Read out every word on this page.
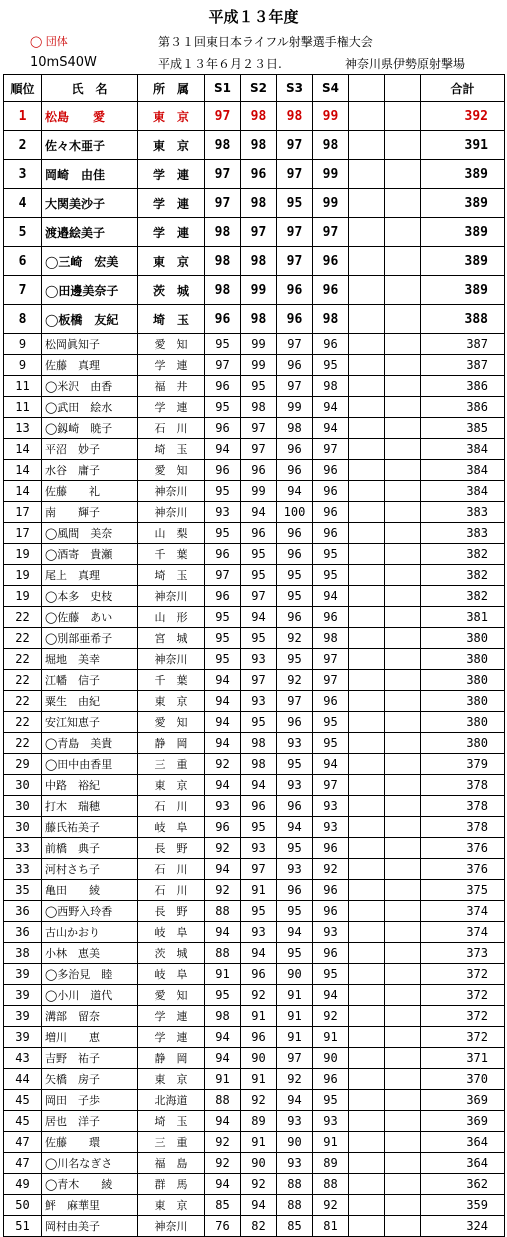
平成１３年度
◯ 団体	第３１回東日本ライフル射撃選手権大会
10mS40W	平成１３年６月２３日.	神奈川県伊勢原射撃場
順位	氏　名	所　属	S1	S2	S3	S4			合計
1	松島　　愛	東　京	97	98	98	99			392
2	佐々木亜子	東　京	98	98	97	98			391
3	岡崎　由佳	学　連	97	96	97	99			389
4	大関美沙子	学　連	97	98	95	99			389
5	渡邉絵美子	学　連	98	97	97	97			389
6	◯三崎　宏美	東　京	98	98	97	96			389
7	◯田邊美奈子	茨　城	98	99	96	96			389
8	◯板橋　友紀	埼　玉	96	98	96	98			388
9	松岡眞知子	愛　知	95	99	97	96			387
9	佐藤　真理	学　連	97	99	96	95			387
11	◯米沢　由香	福　井	96	95	97	98			386
11	◯武田　絵水	学　連	95	98	99	94			386
13	◯釼崎　暁子	石　川	96	97	98	94			385
14	平沼　妙子	埼　玉	94	97	96	97			384
14	水谷　庸子	愛　知	96	96	96	96			384
14	佐藤　　礼	神奈川	95	99	94	96			384
17	南　　輝子	神奈川	93	94	100	96			383
17	◯風間　美奈	山　梨	95	96	96	96			383
19	◯酒寄　貴瀬	千　葉	96	95	96	95			382
19	尾上　真理	埼　玉	97	95	95	95			382
19	◯本多　史枝	神奈川	96	97	95	94			382
22	◯佐藤　あい	山　形	95	94	96	96			381
22	◯別部亜希子	宮　城	95	95	92	98			380
22	堀地　美幸	神奈川	95	93	95	97			380
22	江幡　信子	千　葉	94	97	92	97			380
22	粟生　由紀	東　京	94	93	97	96			380
22	安江知恵子	愛　知	94	95	96	95			380
22	◯青島　美貴	静　岡	94	98	93	95			380
29	◯田中由香里	三　重	92	98	95	94			379
30	中路　裕紀	東　京	94	94	93	97			378
30	打木　瑞穂	石　川	93	96	96	93			378
30	藤氏祐美子	岐　阜	96	95	94	93			378
33	前橋　典子	長　野	92	93	95	96			376
33	河村さち子	石　川	94	97	93	92			376
35	亀田　　綾	石　川	92	91	96	96			375
36	◯西野入玲香	長　野	88	95	95	96			374
36	古山かおり	岐　阜	94	93	94	93			374
38	小林　恵美	茨　城	88	94	95	96			373
39	◯多治見　睦	岐　阜	91	96	90	95			372
39	◯小川　道代	愛　知	95	92	91	94			372
39	溝部　留奈	学　連	98	91	91	92			372
39	増川　　恵	学　連	94	96	91	91			372
43	吉野　祐子	静　岡	94	90	97	90			371
44	矢橋　房子	東　京	91	91	92	96			370
45	岡田　子歩	北海道	88	92	94	95			369
45	居也　洋子	埼　玉	94	89	93	93			369
47	佐藤　　環	三　重	92	91	90	91			364
47	◯川名なぎさ	福　島	92	90	93	89			364
49	◯青木　　綾	群　馬	94	92	88	88			362
50	鮃　麻華里	東　京	85	94	88	92			359
51	岡村由美子	神奈川	76	82	85	81			324
